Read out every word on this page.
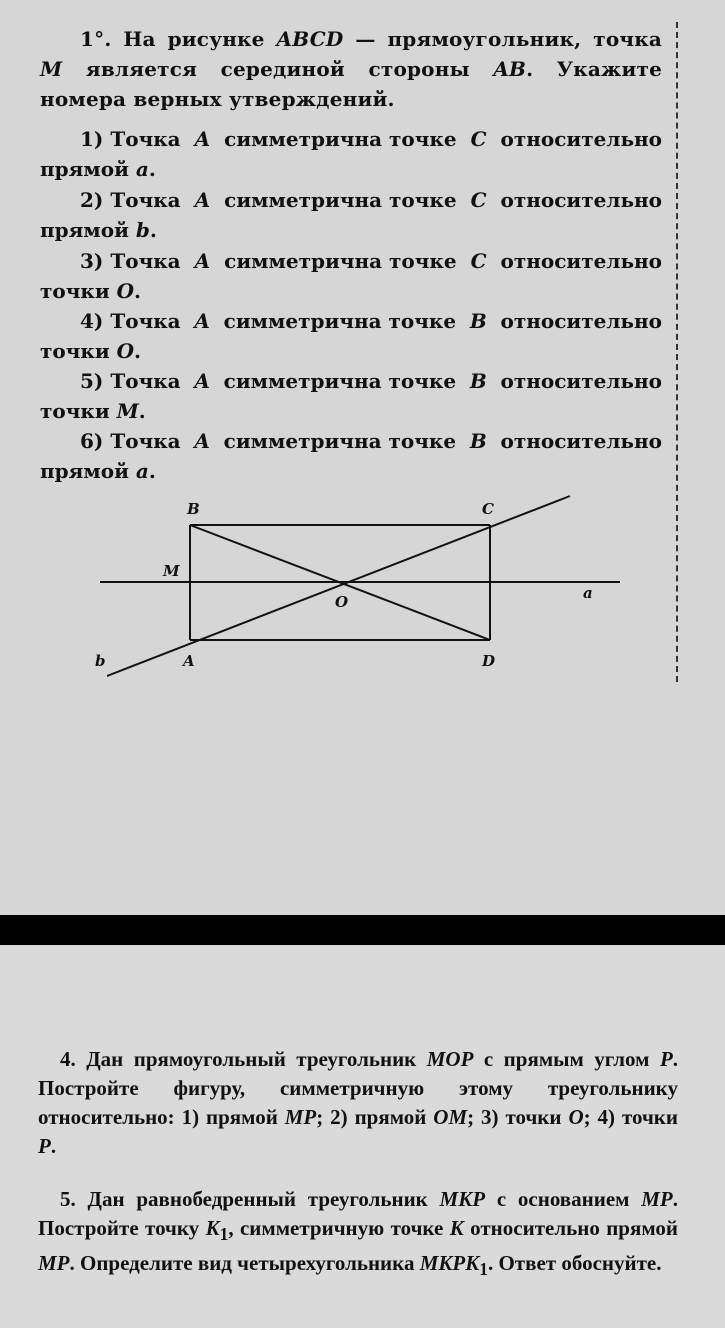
1°. На рисунке ABCD — прямоугольник, точка M является серединой стороны AB. Укажите номера верных утверждений.
1) Точка A симметрична точке C относительно
прямой a.
2) Точка A симметрична точке C относительно
прямой b.
3) Точка A симметрична точке C относительно
точки O.
4) Точка A симметрична точке B относительно
точки O.
5) Точка A симметрична точке B относительно
точки M.
6) Точка A симметрична точке B относительно
прямой a.
B	C
M
O	a
b	A	D
4. Дан прямоугольный треугольник MOP с прямым углом P. Постройте фигуру, симметричную этому треугольнику относительно: 1) прямой MP; 2) прямой OM; 3) точки O; 4) точки P.
5. Дан равнобедренный треугольник MKP с основанием MP. Постройте точку $K_1$, симметричную точке K относительно прямой MP. Определите вид четырехугольника $MKPK_1$. Ответ обоснуйте.
